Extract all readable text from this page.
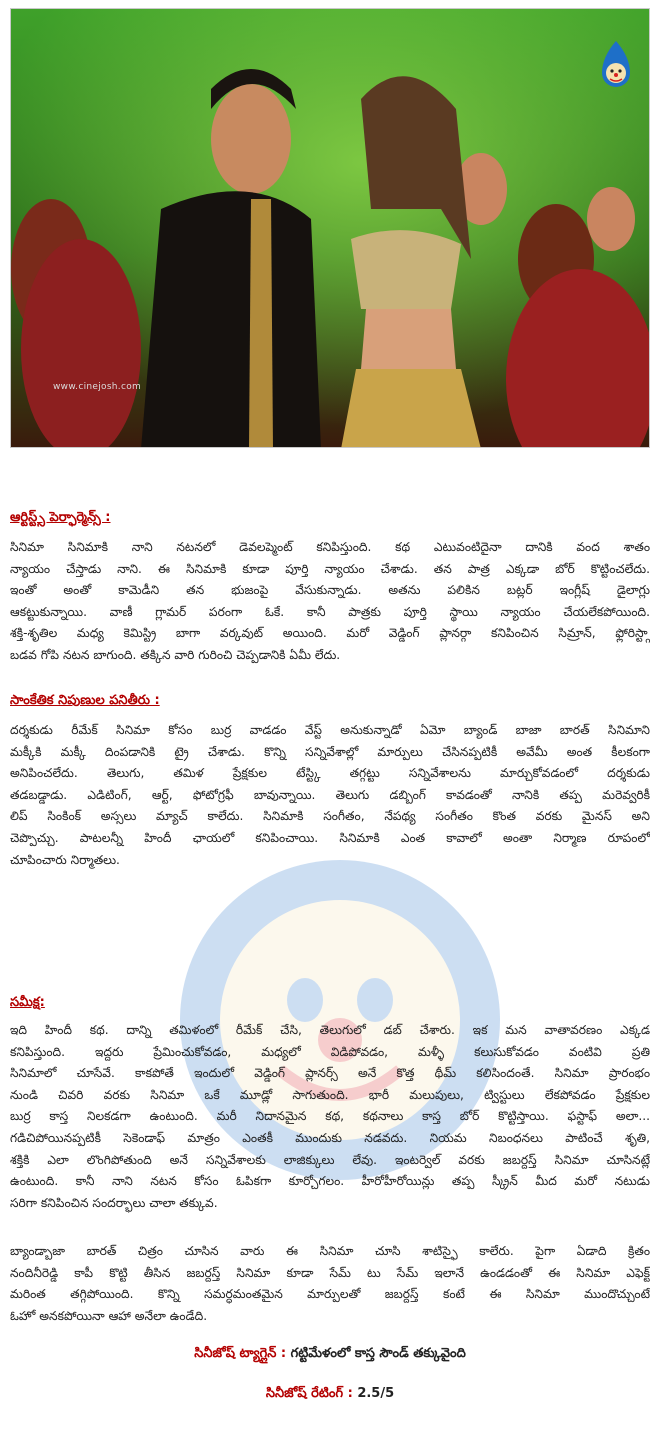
www.cinejosh.com
ఆర్టిస్ట్స్ పెర్ఫార్మెన్స్ :
సినిమా సినిమాకి నాని నటనలో డెవలప్మెంట్ కనిపిస్తుంది. కథ ఎటువంటిదైనా దానికి వంద శాతం
న్యాయం చేస్తాడు నాని. ఈ సినిమాకి కూడా పూర్తి న్యాయం చేశాడు. తన పాత్ర ఎక్కడా బోర్ కొట్టించలేదు.
ఇంతో అంతో కామెడీని తన భుజంపై వేసుకున్నాడు. అతను పలికిన బట్లర్ ఇంగ్లీష్ డైలాగ్లు
ఆకట్టుకున్నాయి. వాణీ గ్లామర్ పరంగా ఓకే. కానీ పాత్రకు పూర్తి స్థాయి న్యాయం చేయలేకపోయింది.
శక్తి-శృతిల మధ్య కెమిస్ట్రి బాగా వర్కవుట్ అయింది. మరో వెడ్డింగ్ ప్లానర్గా కనిపించిన సిమ్రాన్, ఫ్లోరిస్ట్గా
బడవ గోపి నటన బాగుంది. తక్కిన వారి గురించి చెప్పడానికి ఏమీ లేదు.
సాంకేతిక నిపుణుల పనితీరు :
దర్శకుడు రీమేక్ సినిమా కోసం బుర్ర వాడడం వేస్ట్ అనుకున్నాడో ఏమో బ్యాండ్ బాజా బారత్ సినిమాని
మక్కీకి మక్కీ దింపడానికి ట్రై చేశాడు. కొన్ని సన్నివేశాల్లో మార్పులు చేసినప్పటికీ అవేమీ అంత కీలకంగా
అనిపించలేదు. తెలుగు, తమిళ ప్రేక్షకుల టేస్ట్కి తగ్గట్టు సన్నివేశాలను మార్చుకోవడంలో దర్శకుడు
తడబడ్డాడు. ఎడిటింగ్, ఆర్ట్, ఫోటోగ్రఫీ బావున్నాయి. తెలుగు డబ్బింగ్ కావడంతో నానికి తప్ప మరెవ్వరికీ
లిప్ సింకింక్ అస్సలు మ్యాచ్ కాలేదు. సినిమాకి సంగీతం, నేపథ్య సంగీతం కొంత వరకు మైనస్ అని
చెప్పొచ్చు. పాటలన్నీ హిందీ ఛాయలో కనిపించాయి. సినిమాకి ఎంత కావాలో అంతా నిర్మాణ రూపంలో
చూపించారు నిర్మాతలు.
సమీక్ష:
ఇది హిందీ కథ. దాన్ని తమిళంలో రీమేక్ చేసి, తెలుగులో డబ్ చేశారు. ఇక మన వాతావరణం ఎక్కడ
కనిపిస్తుంది. ఇద్దరు ప్రేమించుకోవడం, మధ్యలో విడిపోవడం, మళ్ళీ కలుసుకోవడం వంటివి ప్రతి
సినిమాలో చూసేవే. కాకపోతే ఇందులో వెడ్డింగ్ ప్లానర్స్ అనే కొత్త థీమ్ కలిసిందంతే. సినిమా ప్రారంభం
నుండి చివరి వరకు సినిమా ఒకే మూడ్లో సాగుతుంది. భారీ మలుపులు, ట్విస్టులు లేకపోవడం ప్రేక్షకుల
బుర్ర కాస్త నిలకడగా ఉంటుంది. మరీ నిదానమైన కథ, కథనాలు కాస్త బోర్ కొట్టిస్తాయి. ఫస్టాఫ్ అలా...
గడిచిపోయినప్పటికీ సెకెండాఫ్ మాత్రం ఎంతకీ ముందుకు నడవదు. నియమ నిబంధనలు పాటించే శృతి,
శక్తికి ఎలా లొంగిపోతుంది అనే సన్నివేశాలకు లాజిక్కులు లేవు. ఇంటర్వెల్ వరకు జబర్దస్త్ సినిమా చూసినట్లే
ఉంటుంది. కానీ నాని నటన కోసం ఓపికగా కూర్చోగలం. హీరోహీరోయిన్లు తప్ప స్క్రీన్ మీద మరో నటుడు
సరిగా కనిపించిన సందర్భాలు చాలా తక్కువ.
బ్యాండ్బాజా బారత్ చిత్రం చూసిన వారు ఈ సినిమా చూసి శాటిస్ఫై కాలేరు. పైగా ఏడాది క్రితం
నందినీరెడ్డి కాపీ కొట్టి తీసిన జబర్దస్త్ సినిమా కూడా సేమ్ టు సేమ్ ఇలానే ఉండడంతో ఈ సినిమా ఎఫెక్ట్
మరింత తగ్గిపోయింది. కొన్ని సమర్ధమంతమైన మార్పులతో జబర్దస్త్ కంటే ఈ సినిమా ముందొచ్చుంటే
ఓహో అనకపోయినా ఆహా అనేలా ఉండేది.
సినీజోష్ ట్యాగ్లైన్ : గట్టిమేళంలో కాస్త సౌండ్ తక్కువైంది
సినీజోష్ రేటింగ్ : 2.5/5
